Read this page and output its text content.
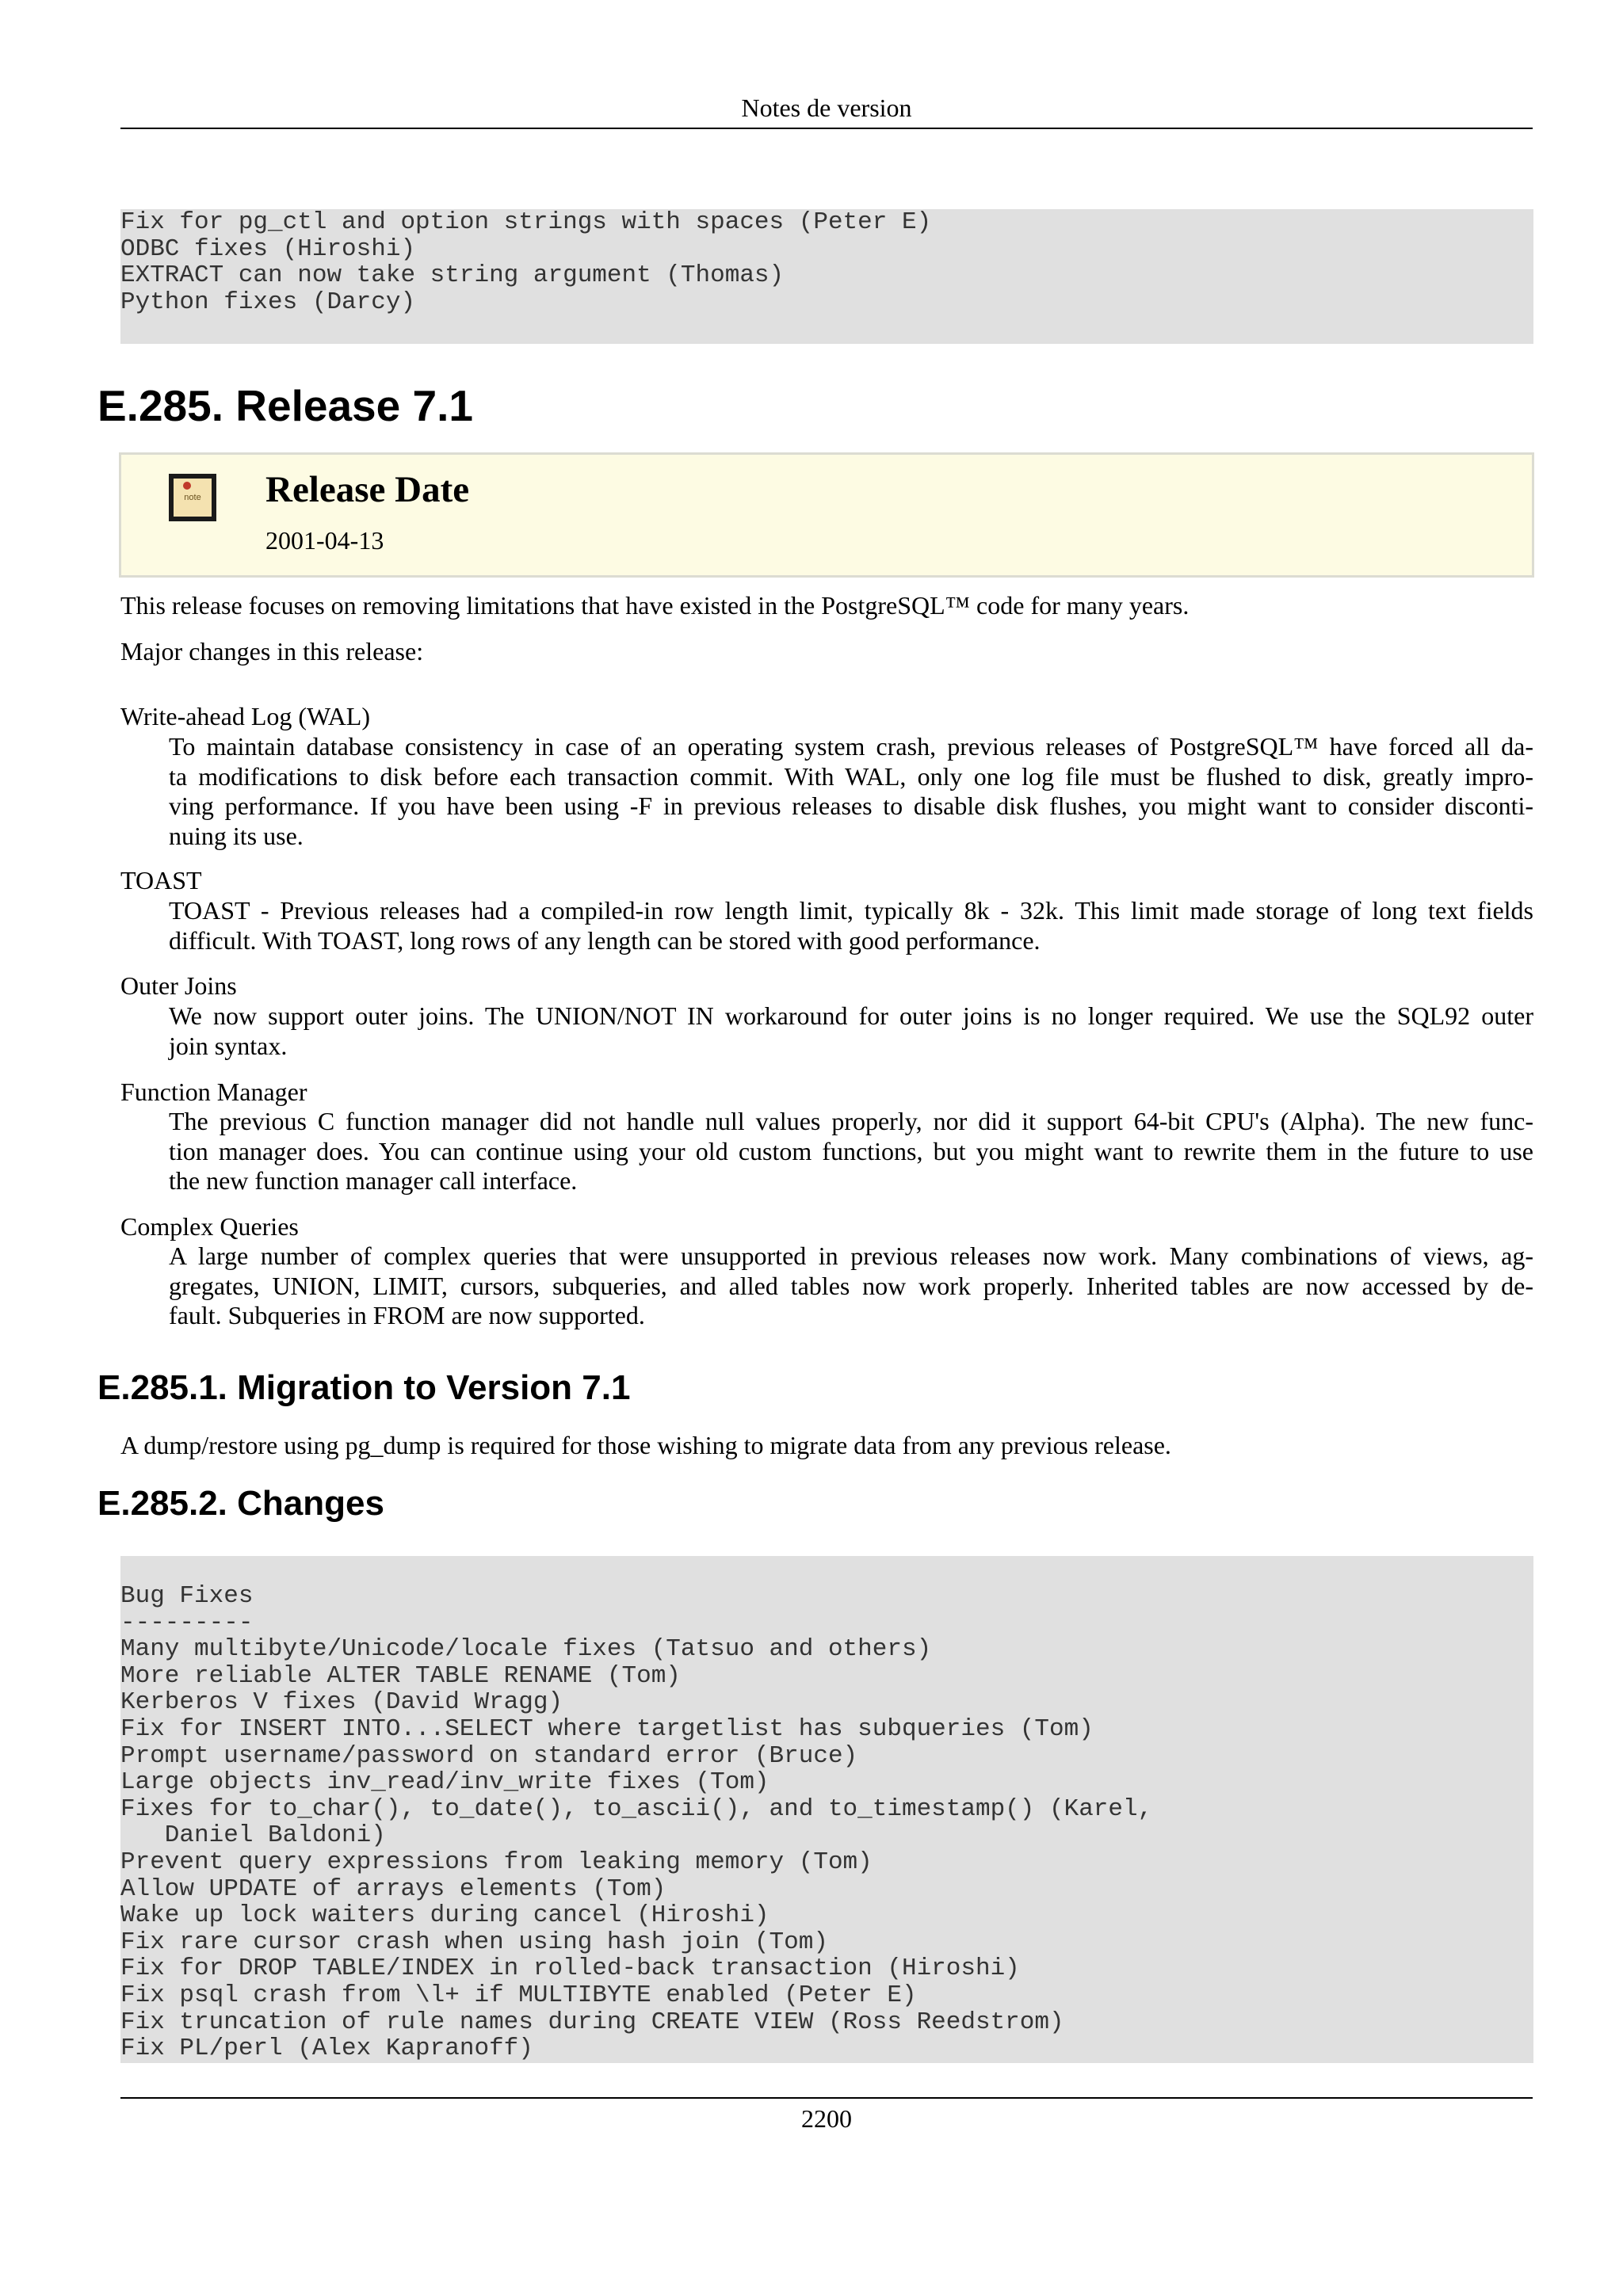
Notes de version
Fix for pg_ctl and option strings with spaces (Peter E)
ODBC fixes (Hiroshi)
EXTRACT can now take string argument (Thomas)
Python fixes (Darcy)
E.285. Release 7.1
note Release Date
2001-04-13

This release focuses on removing limitations that have existed in the PostgreSQL™ code for many years.

Major changes in this release:

Write-ahead Log (WAL)
To maintain database consistency in case of an operating system crash, previous releases of PostgreSQL™ have forced all da-
ta modifications to disk before each transaction commit. With WAL, only one log file must be flushed to disk, greatly impro-
ving performance. If you have been using -F in previous releases to disable disk flushes, you might want to consider disconti-
nuing its use.
TOAST
TOAST - Previous releases had a compiled-in row length limit, typically 8k - 32k. This limit made storage of long text fields
difficult. With TOAST, long rows of any length can be stored with good performance.
Outer Joins
We now support outer joins. The UNION/NOT IN workaround for outer joins is no longer required. We use the SQL92 outer
join syntax.
Function Manager
The previous C function manager did not handle null values properly, nor did it support 64-bit CPU's (Alpha). The new func-
tion manager does. You can continue using your old custom functions, but you might want to rewrite them in the future to use
the new function manager call interface.
Complex Queries
A large number of complex queries that were unsupported in previous releases now work. Many combinations of views, ag-
gregates, UNION, LIMIT, cursors, subqueries, and alled tables now work properly. Inherited tables are now accessed by de-
fault. Subqueries in FROM are now supported.
E.285.1. Migration to Version 7.1

A dump/restore using pg_dump is required for those wishing to migrate data from any previous release.

E.285.2. Changes
Bug Fixes
---------
Many multibyte/Unicode/locale fixes (Tatsuo and others)
More reliable ALTER TABLE RENAME (Tom)
Kerberos V fixes (David Wragg)
Fix for INSERT INTO...SELECT where targetlist has subqueries (Tom)
Prompt username/password on standard error (Bruce)
Large objects inv_read/inv_write fixes (Tom)
Fixes for to_char(), to_date(), to_ascii(), and to_timestamp() (Karel,
Daniel Baldoni)
Prevent query expressions from leaking memory (Tom)
Allow UPDATE of arrays elements (Tom)
Wake up lock waiters during cancel (Hiroshi)
Fix rare cursor crash when using hash join (Tom)
Fix for DROP TABLE/INDEX in rolled-back transaction (Hiroshi)
Fix psql crash from \l+ if MULTIBYTE enabled (Peter E)
Fix truncation of rule names during CREATE VIEW (Ross Reedstrom)
Fix PL/perl (Alex Kapranoff)
2200
